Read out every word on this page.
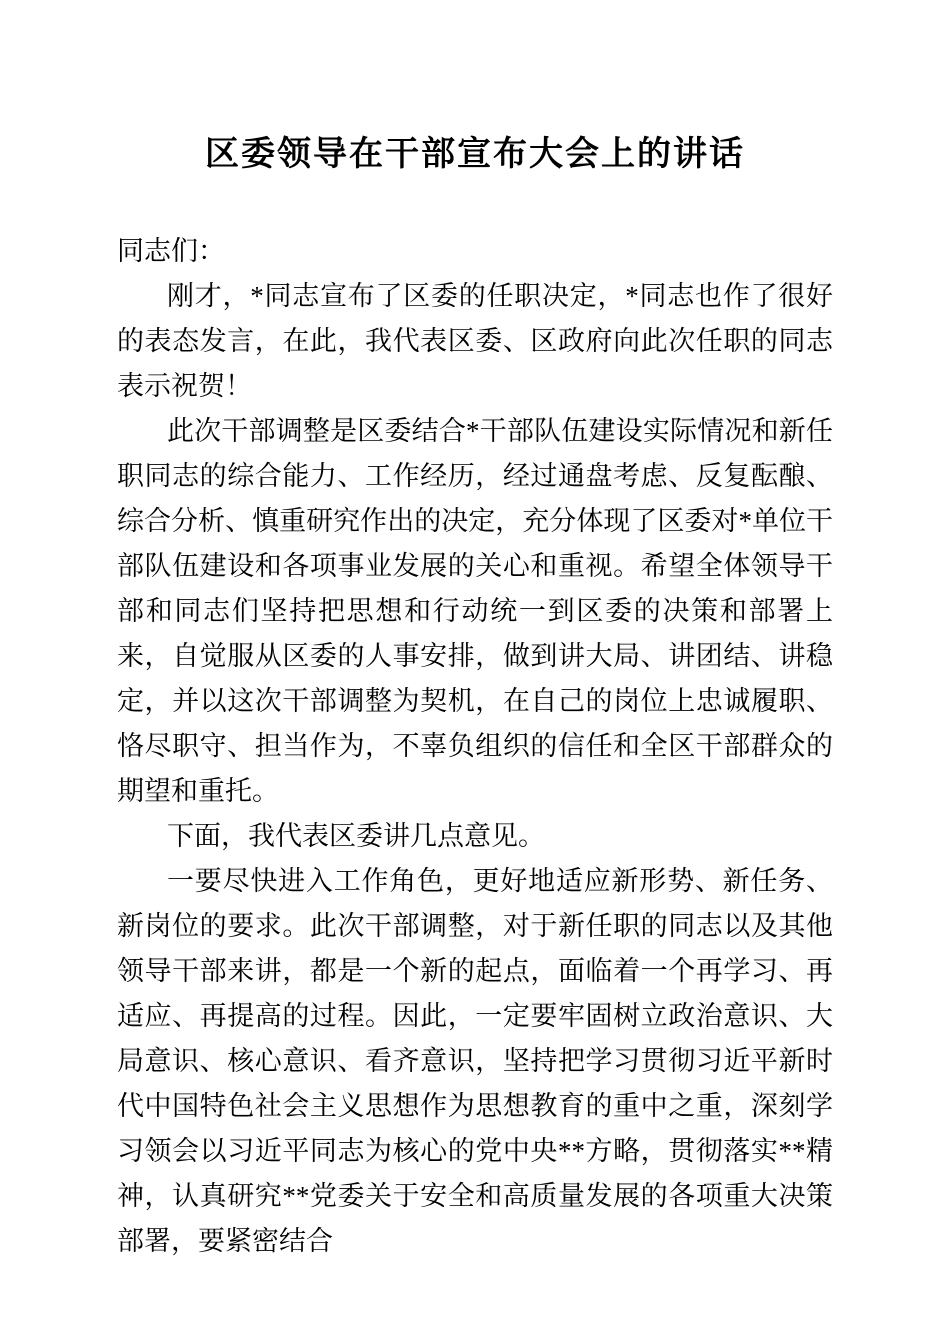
区委领导在干部宣布大会上的讲话

同志们：

刚才，*同志宣布了区委的任职决定，*同志也作了很好的表态发言，在此，我代表区委、区政府向此次任职的同志表示祝贺！

此次干部调整是区委结合*干部队伍建设实际情况和新任职同志的综合能力、工作经历，经过通盘考虑、反复酝酿、综合分析、慎重研究作出的决定，充分体现了区委对*单位干部队伍建设和各项事业发展的关心和重视。希望全体领导干部和同志们坚持把思想和行动统一到区委的决策和部署上来，自觉服从区委的人事安排，做到讲大局、讲团结、讲稳定，并以这次干部调整为契机，在自己的岗位上忠诚履职、恪尽职守、担当作为，不辜负组织的信任和全区干部群众的期望和重托。

下面，我代表区委讲几点意见。

一要尽快进入工作角色，更好地适应新形势、新任务、新岗位的要求。此次干部调整，对于新任职的同志以及其他领导干部来讲，都是一个新的起点，面临着一个再学习、再适应、再提高的过程。因此，一定要牢固树立政治意识、大局意识、核心意识、看齐意识，坚持把学习贯彻习近平新时代中国特色社会主义思想作为思想教育的重中之重，深刻学习领会以习近平同志为核心的党中央**方略，贯彻落实**精神，认真研究**党委关于安全和高质量发展的各项重大决策部署，要紧密结合
